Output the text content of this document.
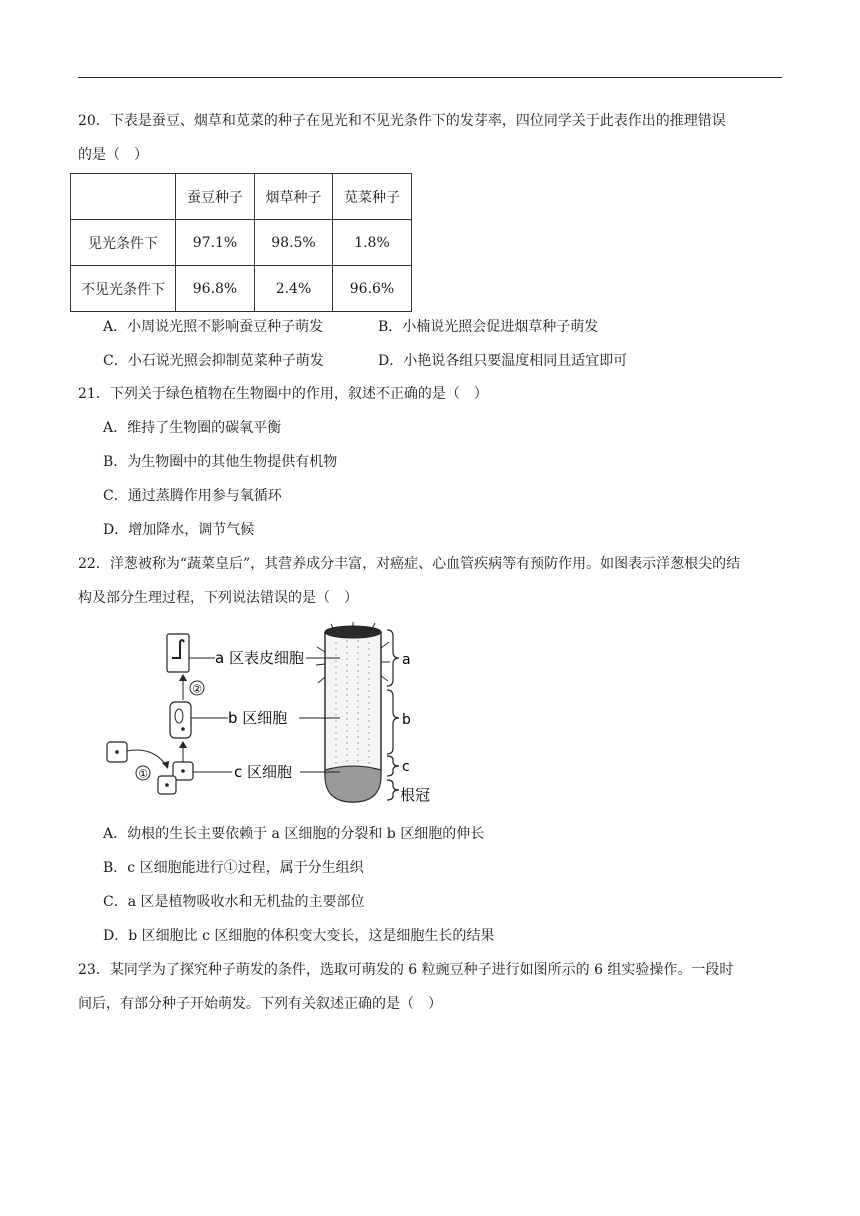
20．下表是蚕豆、烟草和苋菜的种子在见光和不见光条件下的发芽率，四位同学关于此表作出的推理错误

的是（　）

	蚕豆种子	烟草种子	苋菜种子
见光条件下	97.1%	98.5%	1.8%
不见光条件下	96.8%	2.4%	96.6%

A．小周说光照不影响蚕豆种子萌发	B．小楠说光照会促进烟草种子萌发

C．小石说光照会抑制苋菜种子萌发	D．小艳说各组只要温度相同且适宜即可

21．下列关于绿色植物在生物圈中的作用，叙述不正确的是（　）

A．维持了生物圈的碳氧平衡

B．为生物圈中的其他生物提供有机物

C．通过蒸腾作用参与氧循环

D．增加降水，调节气候

22．洋葱被称为“蔬菜皇后”，其营养成分丰富，对癌症、心血管疾病等有预防作用。如图表示洋葱根尖的结

构及部分生理过程，下列说法错误的是（　）

a 区表皮细胞
②
b 区细胞
①	c 区细胞
a
b
c
根冠

A．幼根的生长主要依赖于 a 区细胞的分裂和 b 区细胞的伸长

B．c 区细胞能进行①过程，属于分生组织

C．a 区是植物吸收水和无机盐的主要部位

D．b 区细胞比 c 区细胞的体积变大变长，这是细胞生长的结果

23．某同学为了探究种子萌发的条件，选取可萌发的 6 粒豌豆种子进行如图所示的 6 组实验操作。一段时

间后，有部分种子开始萌发。下列有关叙述正确的是（　）
